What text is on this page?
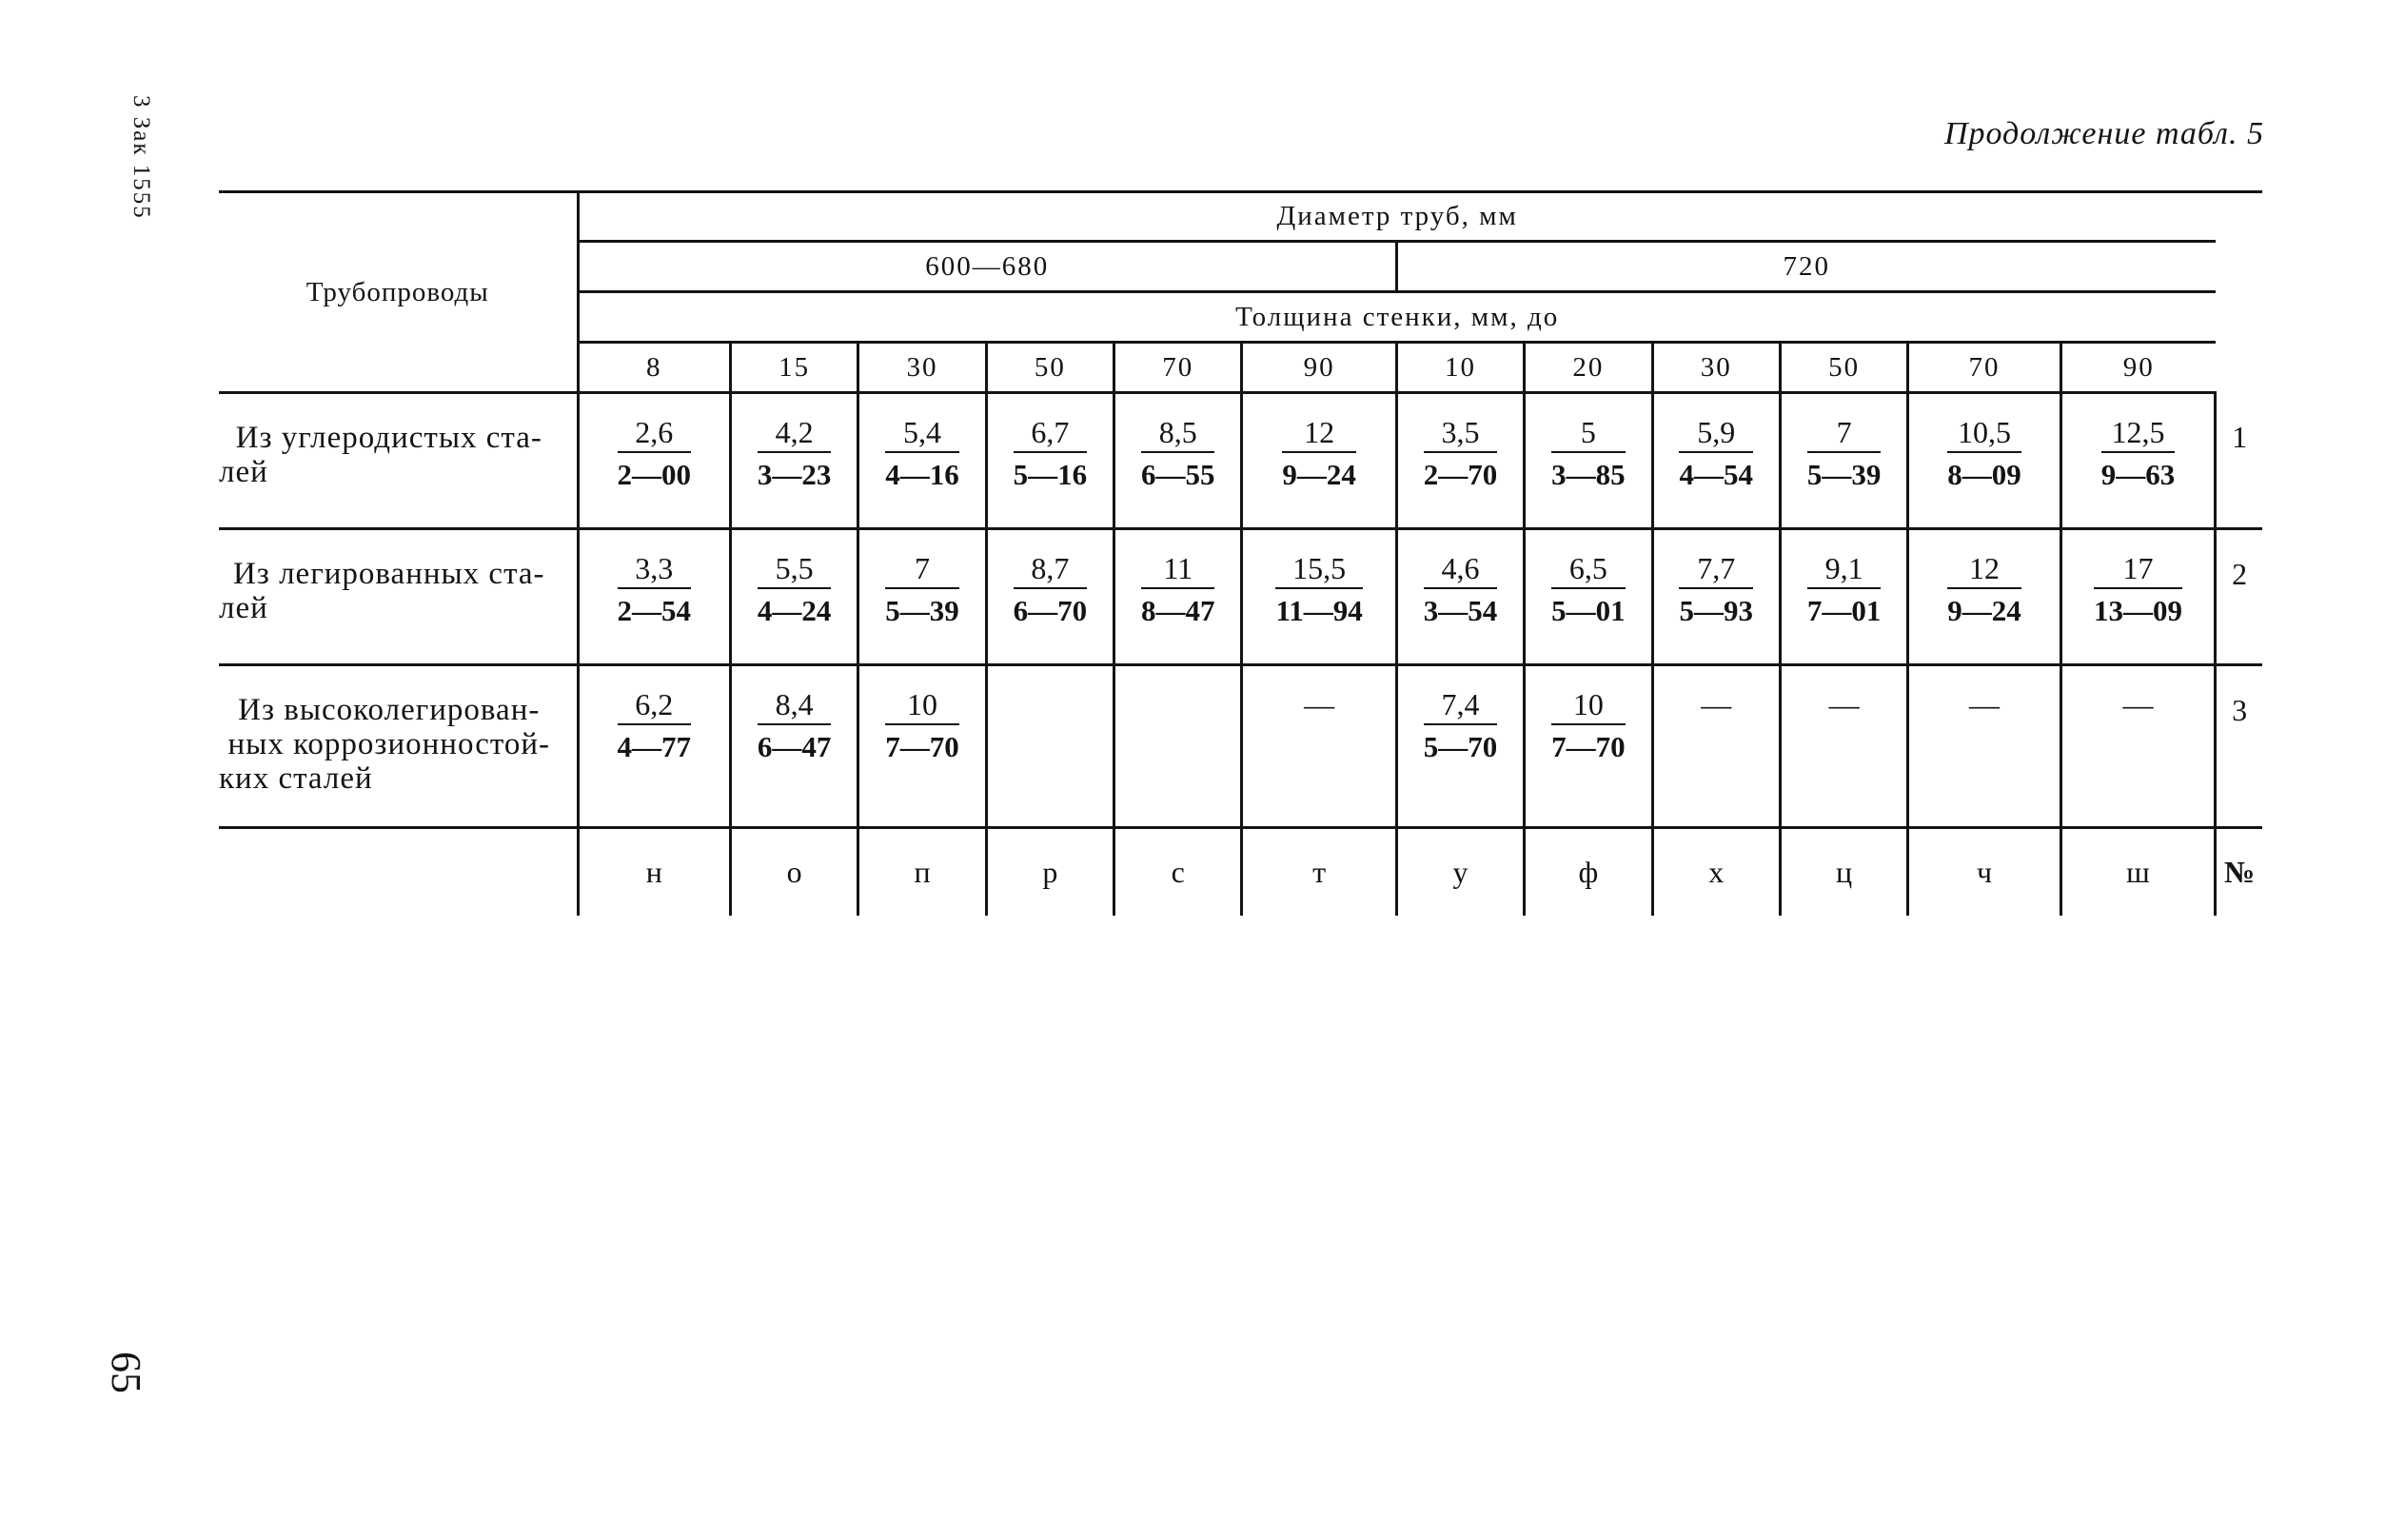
3 Зак 1555	Продолжение табл. 5
Трубопроводы	Диаметр труб, мм												
	600—680						720						
	Толщина стенки, мм, до												
	8	15	30	50	70	90	10	20	30	50	70	90	
Из углеродистых ста-лей	$\frac{2,6}{2—00}$	$\frac{4,2}{3—23}$	$\frac{5,4}{4—16}$	$\frac{6,7}{5—16}$	$\frac{8,5}{6—55}$	$\frac{12}{9—24}$	$\frac{3,5}{2—70}$	$\frac{5}{3—85}$	$\frac{5,9}{4—54}$	$\frac{7}{5—39}$	$\frac{10,5}{8—09}$	$\frac{12,5}{9—63}$	1
Из легированных ста-лей	$\frac{3,3}{2—54}$	$\frac{5,5}{4—24}$	$\frac{7}{5—39}$	$\frac{8,7}{6—70}$	$\frac{11}{8—47}$	$\frac{15,5}{11—94}$	$\frac{4,6}{3—54}$	$\frac{6,5}{5—01}$	$\frac{7,7}{5—93}$	$\frac{9,1}{7—01}$	$\frac{12}{9—24}$	$\frac{17}{13—09}$	2
Из высоколегирован-ных коррозионностой-ких сталей	$\frac{6,2}{4—77}$	$\frac{8,4}{6—47}$	$\frac{10}{7—70}$			—	$\frac{7,4}{5—70}$	$\frac{10}{7—70}$	—	—	—	—	3
	н	о	п	р	с	т	у	ф	х	ц	ч	ш	№
65
